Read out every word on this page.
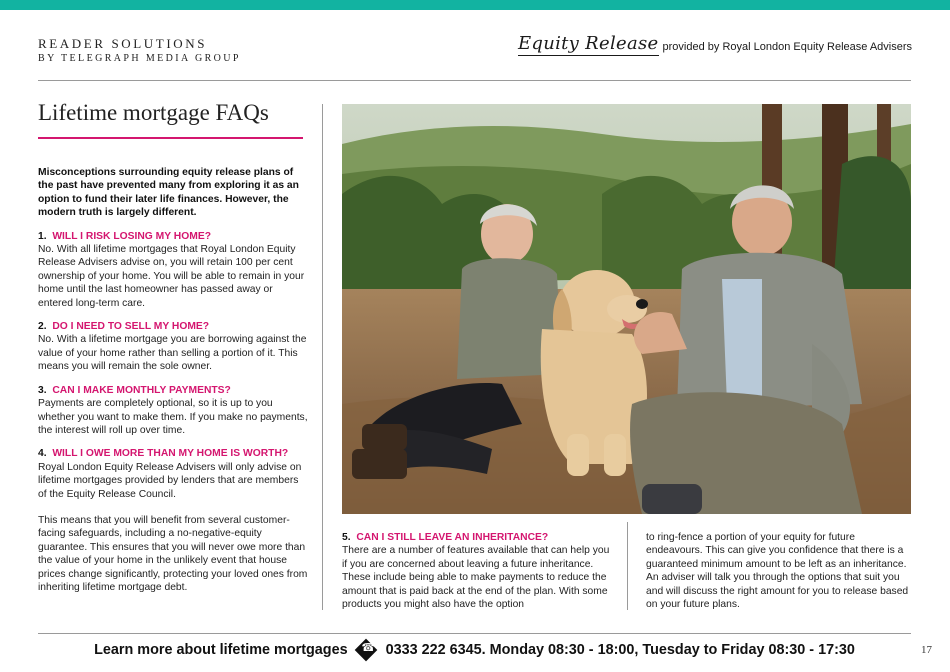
READER SOLUTIONS
BY TELEGRAPH MEDIA GROUP
Equity Release provided by Royal London Equity Release Advisers
Lifetime mortgage FAQs

Misconceptions surrounding equity release plans of the past have prevented many from exploring it as an option to fund their later life finances. However, the modern truth is largely different.

1. WILL I RISK LOSING MY HOME?

No. With all lifetime mortgages that Royal London Equity Release Advisers advise on, you will retain 100 per cent ownership of your home. You will be able to remain in your home until the last homeowner has passed away or entered long-term care.

2. DO I NEED TO SELL MY HOME?

No. With a lifetime mortgage you are borrowing against the value of your home rather than selling a portion of it. This means you will remain the sole owner.

3. CAN I MAKE MONTHLY PAYMENTS?

Payments are completely optional, so it is up to you whether you want to make them. If you make no payments, the interest will roll up over time.

4. WILL I OWE MORE THAN MY HOME IS WORTH?

Royal London Equity Release Advisers will only advise on lifetime mortgages provided by lenders that are members of the Equity Release Council.

This means that you will benefit from several customer-facing safeguards, including a no-negative-equity guarantee. This ensures that you will never owe more than the value of your home in the unlikely event that house prices change significantly, protecting your loved ones from inheriting lifetime mortgage debt.

5. CAN I STILL LEAVE AN INHERITANCE?

There are a number of features available that can help you if you are concerned about leaving a future inheritance. These include being able to make payments to reduce the amount that is paid back at the end of the plan. With some products you might also have the option

to ring-fence a portion of your equity for future endeavours. This can give you confidence that there is a guaranteed minimum amount to be left as an inheritance. An adviser will talk you through the options that suit you and will discuss the right amount for you to release based on your future plans.

Learn more about lifetime mortgages
☎	0333 222 6345. Monday 08:30 - 18:00, Tuesday to Friday 08:30 - 17:30	17
